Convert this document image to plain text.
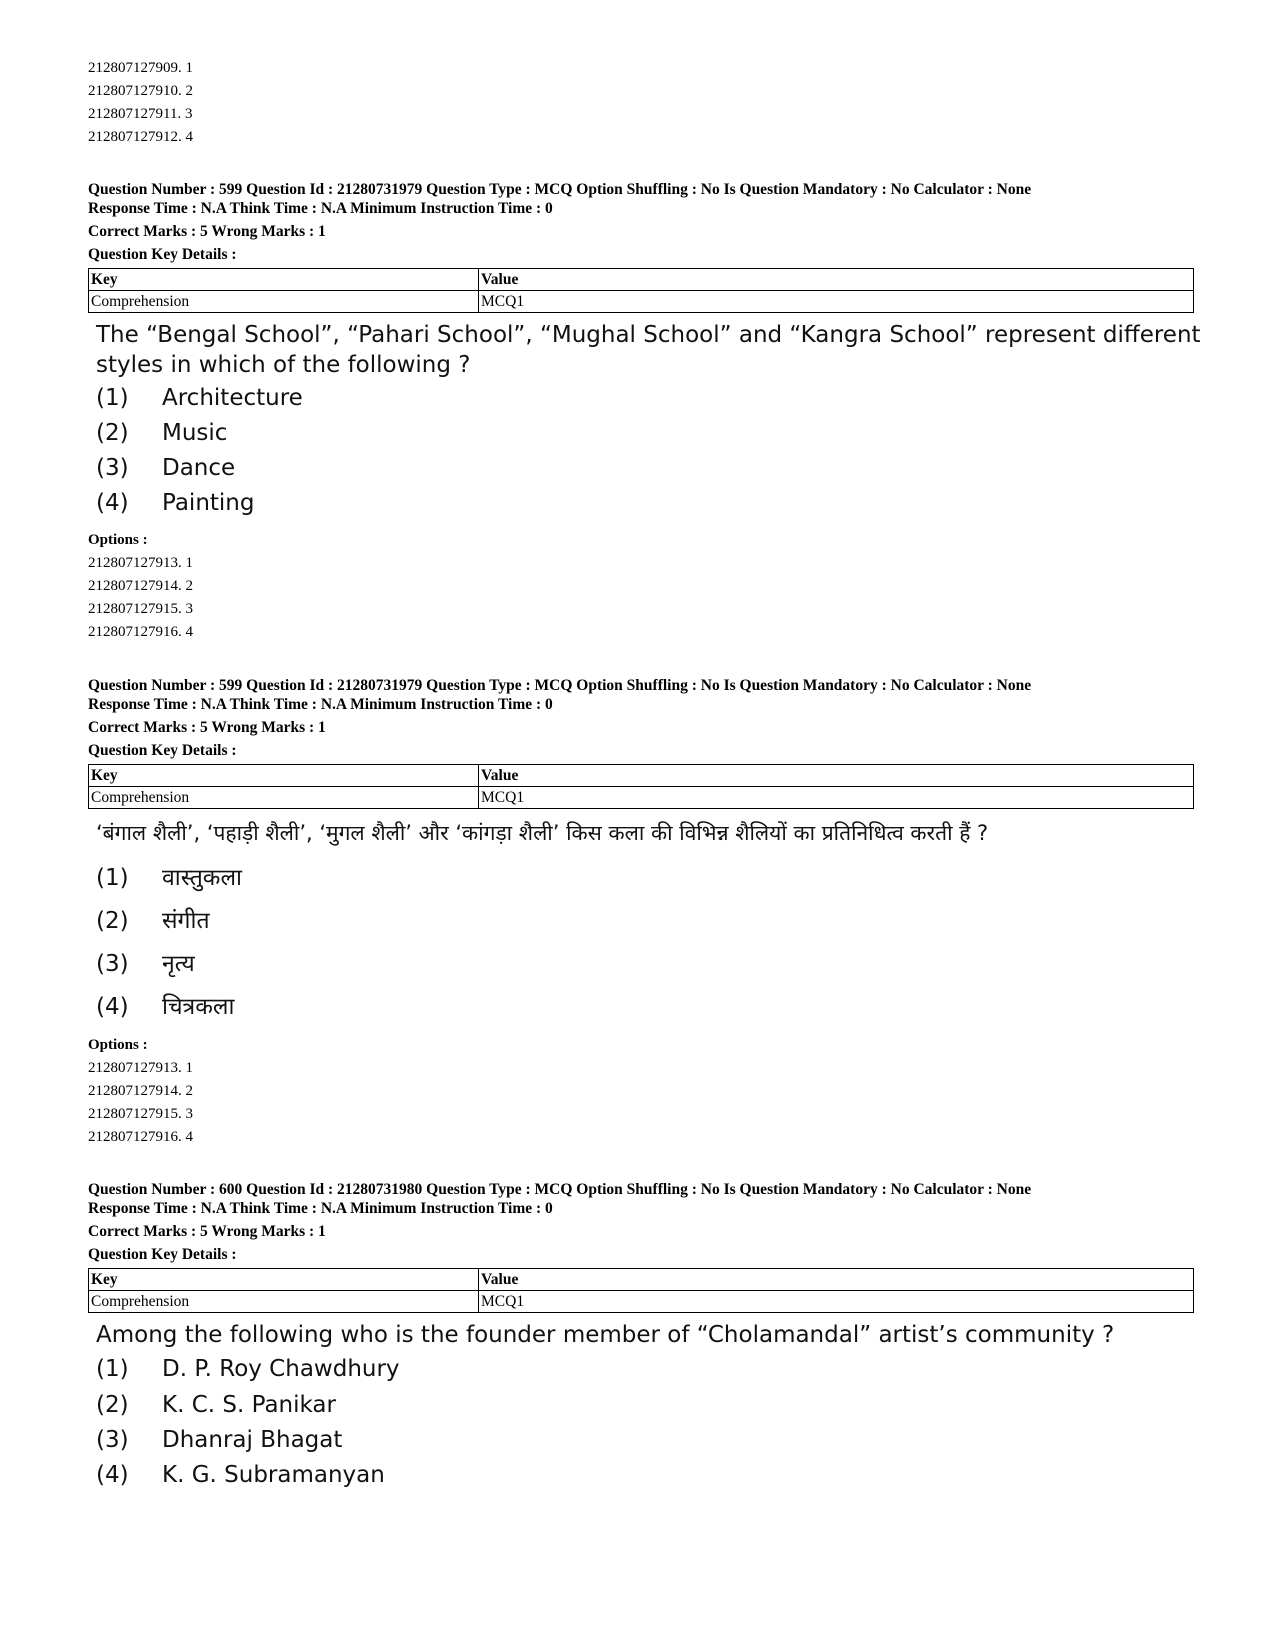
212807127909. 1
212807127910. 2
212807127911. 3
212807127912. 4
Question Number : 599 Question Id : 21280731979 Question Type : MCQ Option Shuffling : No Is Question Mandatory : No Calculator : None
Response Time : N.A Think Time : N.A Minimum Instruction Time : 0
Correct Marks : 5 Wrong Marks : 1
Question Key Details :
Key	Value
Comprehension	MCQ1
The “Bengal School”, “Pahari School”, “Mughal School” and “Kangra School” represent different styles in which of the following ?
(1) Architecture
(2) Music
(3) Dance
(4) Painting
Options :
212807127913. 1
212807127914. 2
212807127915. 3
212807127916. 4
Question Number : 599 Question Id : 21280731979 Question Type : MCQ Option Shuffling : No Is Question Mandatory : No Calculator : None
Response Time : N.A Think Time : N.A Minimum Instruction Time : 0
Correct Marks : 5 Wrong Marks : 1
Question Key Details :
Key	Value
Comprehension	MCQ1
‘बंगाल शैली’, ‘पहाड़ी शैली’, ‘मुगल शैली’ और ‘कांगड़ा शैली’ किस कला की विभिन्न शैलियों का प्रतिनिधित्व करती हैं ?
(1) वास्तुकला
(2) संगीत
(3) नृत्य
(4) चित्रकला
Options :
212807127913. 1
212807127914. 2
212807127915. 3
212807127916. 4
Question Number : 600 Question Id : 21280731980 Question Type : MCQ Option Shuffling : No Is Question Mandatory : No Calculator : None
Response Time : N.A Think Time : N.A Minimum Instruction Time : 0
Correct Marks : 5 Wrong Marks : 1
Question Key Details :
Key	Value
Comprehension	MCQ1
Among the following who is the founder member of “Cholamandal” artist’s community ?
(1) D. P. Roy Chawdhury
(2) K. C. S. Panikar
(3) Dhanraj Bhagat
(4) K. G. Subramanyan
